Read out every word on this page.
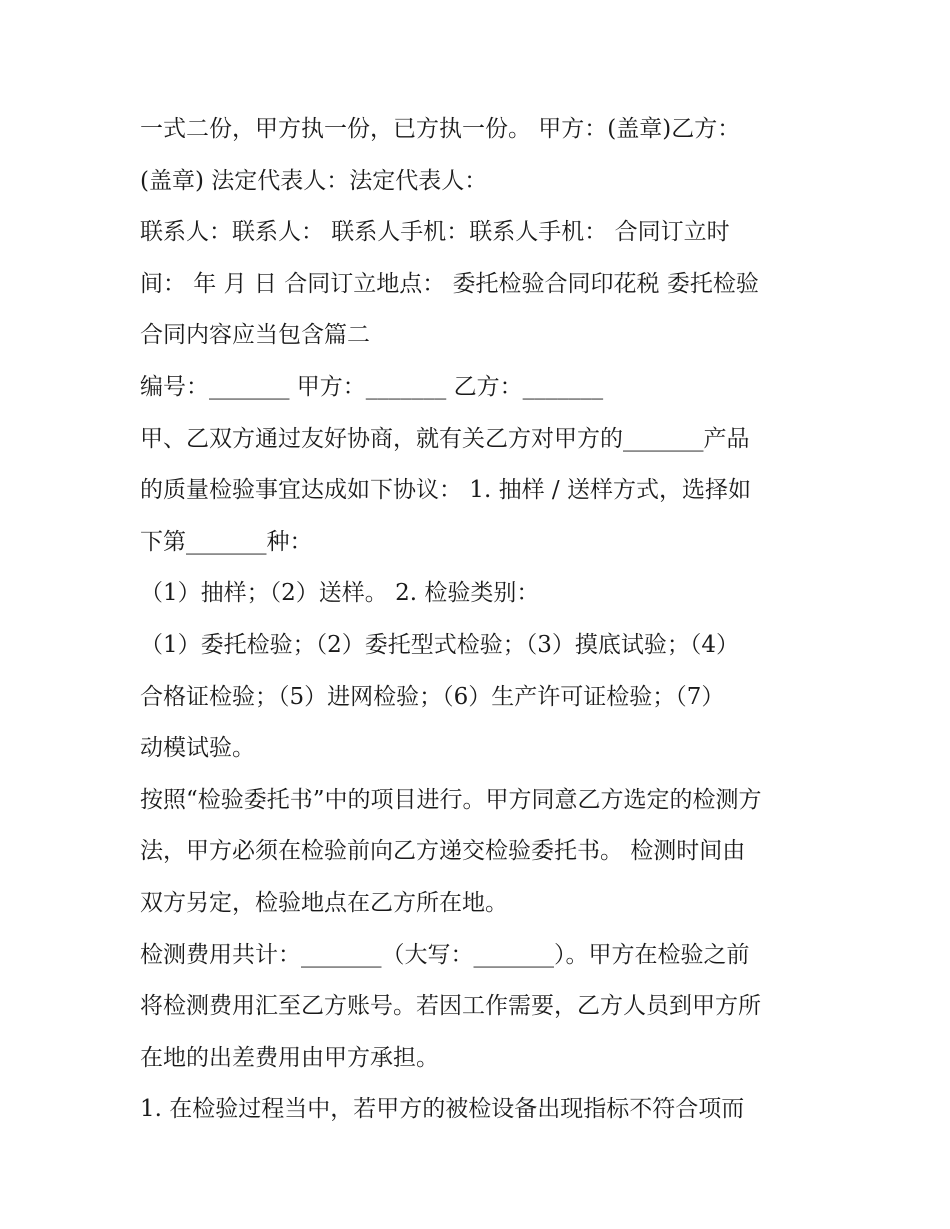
一式二份，甲方执一份，已方执一份。 甲方：(盖章)乙方：
(盖章) 法定代表人：法定代表人：
联系人：联系人： 联系人手机：联系人手机： 合同订立时
间： 年 月 日 合同订立地点： 委托检验合同印花税 委托检验
合同内容应当包含篇二
编号：_______ 甲方：_______ 乙方：_______
甲、乙双方通过友好协商，就有关乙方对甲方的_______产品
的质量检验事宜达成如下协议： 1. 抽样 / 送样方式，选择如
下第_______种：
（1）抽样；（2）送样。 2. 检验类别：
（1）委托检验；（2）委托型式检验；（3）摸底试验；（4）
合格证检验；（5）进网检验；（6）生产许可证检验；（7）
动模试验。
按照“检验委托书”中的项目进行。甲方同意乙方选定的检测方
法，甲方必须在检验前向乙方递交检验委托书。 检测时间由
双方另定，检验地点在乙方所在地。
检测费用共计：_______（大写：_______）。甲方在检验之前
将检测费用汇至乙方账号。若因工作需要，乙方人员到甲方所
在地的出差费用由甲方承担。
1. 在检验过程当中，若甲方的被检设备出现指标不符合项而
